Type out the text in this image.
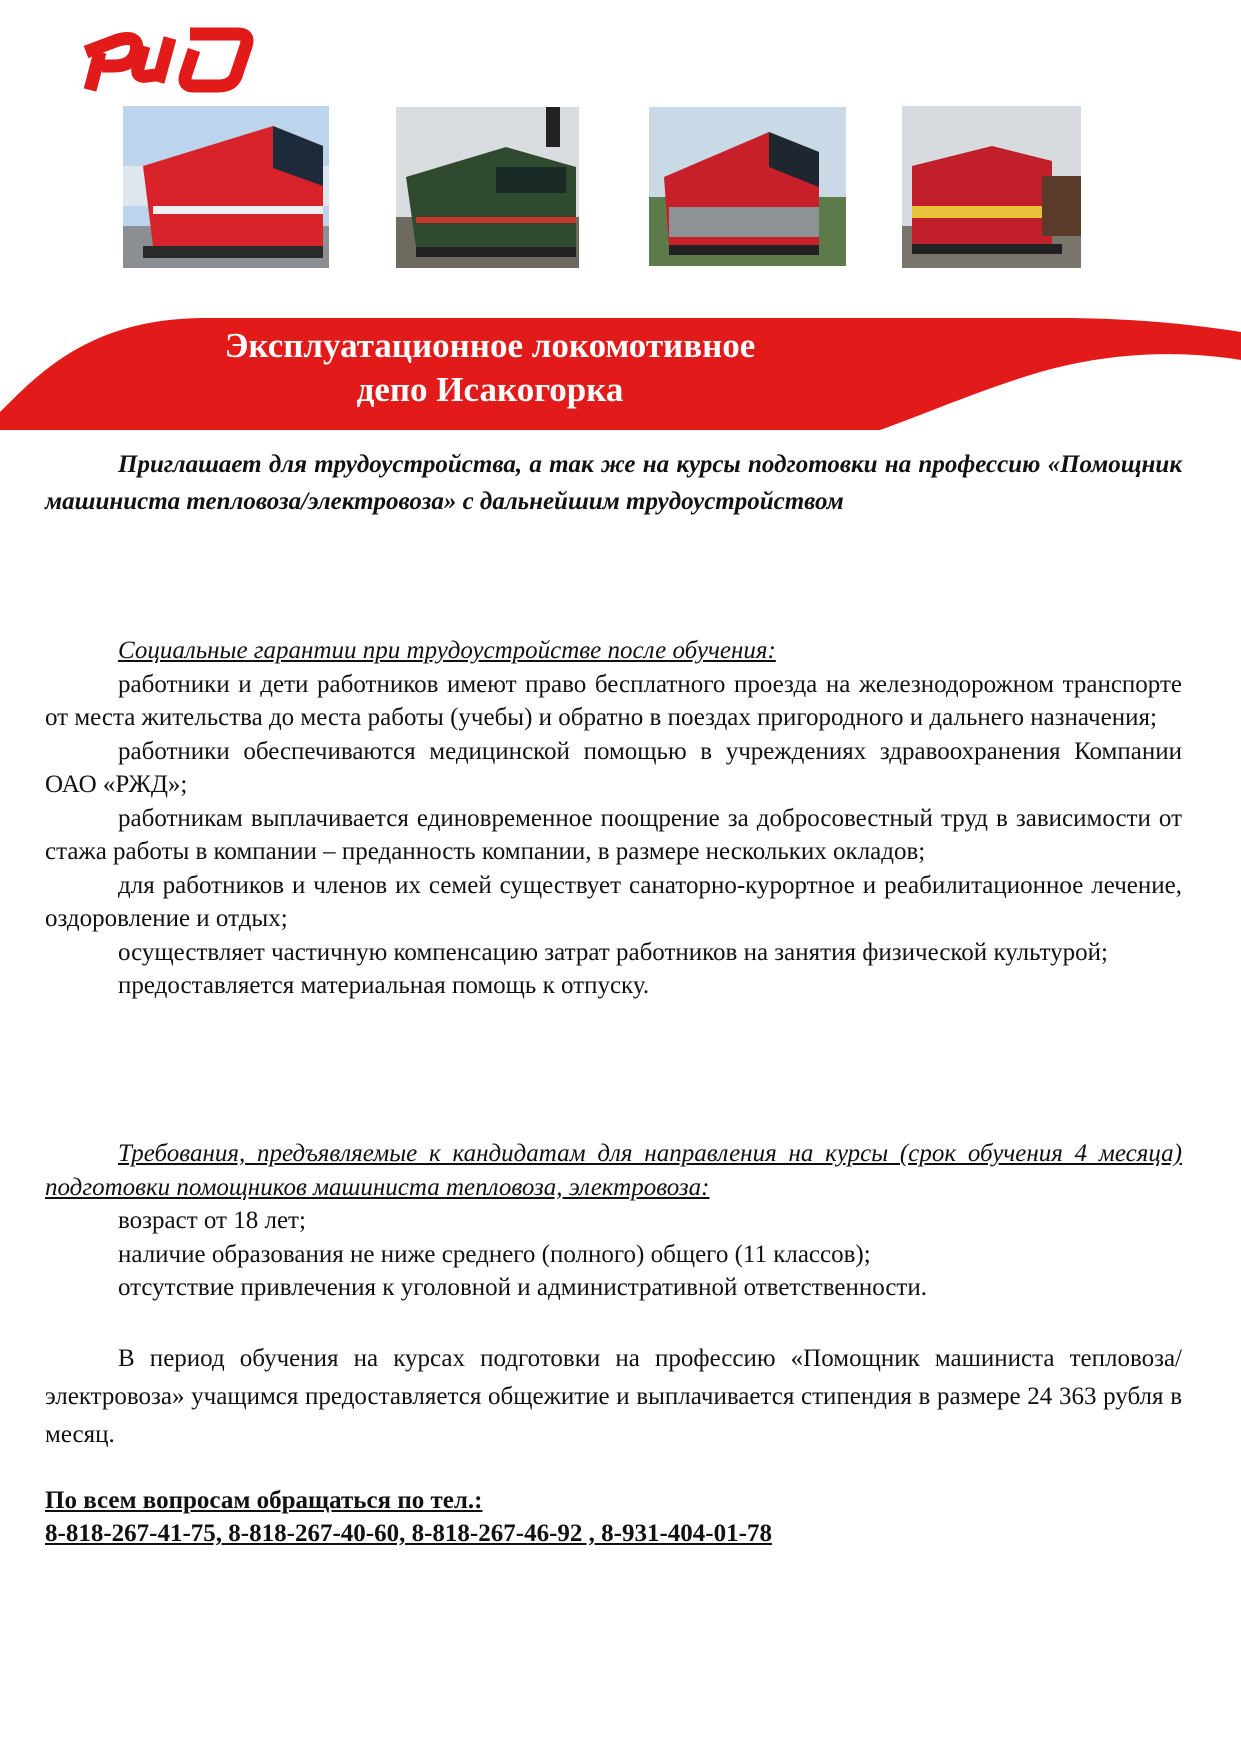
Эксплуатационное локомотивное
депо Исакогорка

Приглашает для трудоустройства, а так же на курсы подготовки на профессию «Помощник машиниста тепловоза/электровоза» с дальнейшим трудоустройством

Социальные гарантии при трудоустройстве после обучения:

работники и дети работников имеют право бесплатного проезда на железнодорожном транспорте от места жительства до места работы (учебы) и обратно в поездах пригородного и дальнего назначения;

работники обеспечиваются медицинской помощью в учреждениях здравоохранения Компании ОАО «РЖД»;

работникам выплачивается единовременное поощрение за добросовестный труд в зависимости от стажа работы в компании – преданность компании, в размере нескольких окладов;

для работников и членов их семей существует санаторно-курортное и реабилитационное лечение, оздоровление и отдых;

осуществляет частичную компенсацию затрат работников на занятия физической культурой;

предоставляется материальная помощь к отпуску.

Требования, предъявляемые к кандидатам для направления на курсы (срок обучения 4 месяца) подготовки помощников машиниста тепловоза, электровоза:

возраст от 18 лет;

наличие образования не ниже среднего (полного) общего (11 классов);

отсутствие привлечения к уголовной и административной ответственности.

В период обучения на курсах подготовки на профессию «Помощник машиниста тепловоза/электровоза» учащимся предоставляется общежитие и выплачивается стипендия в размере 24 363 рубля в месяц.

По всем вопросам обращаться по тел.:

8-818-267-41-75, 8-818-267-40-60, 8-818-267-46-92 , 8-931-404-01-78
